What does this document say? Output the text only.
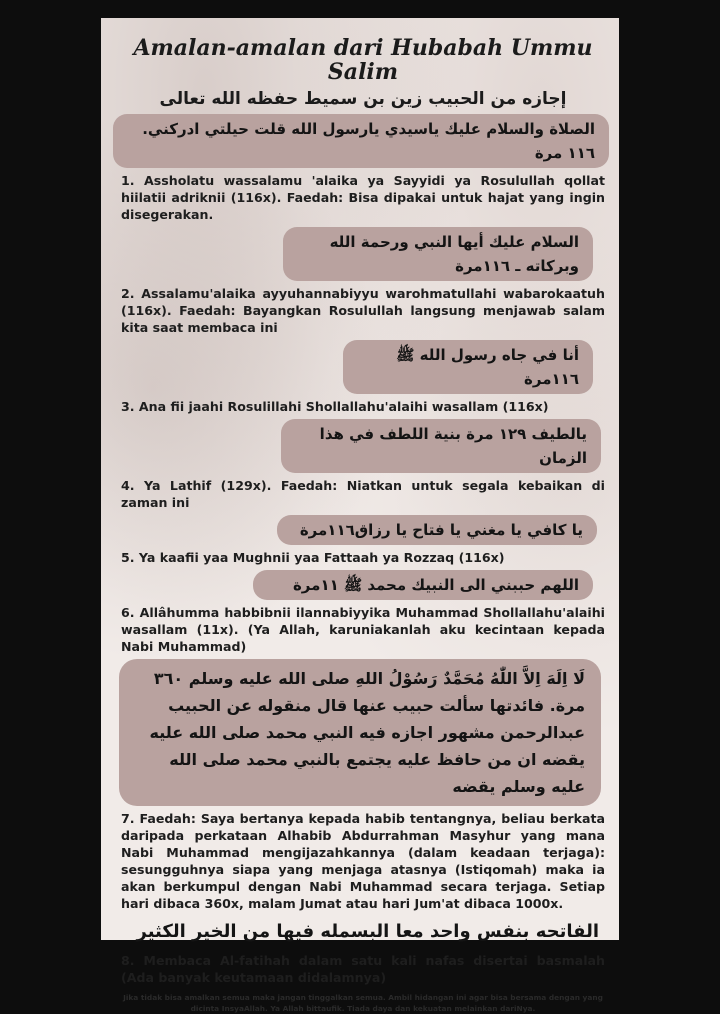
Amalan-amalan dari Hubabah Ummu Salim
إجازه من الحبيب زين بن سميط حفظه الله تعالى
الصلاة والسلام عليك ياسيدي يارسول الله قلت حيلتي ادركني. ١١٦ مرة
1. Assholatu wassalamu 'alaika ya Sayyidi ya Rosulullah qollat hiilatii adriknii (116x). Faedah: Bisa dipakai untuk hajat yang ingin disegerakan.
السلام عليك أيها النبي ورحمة الله وبركاته ـ ١١٦مرة
2. Assalamu'alaika ayyuhannabiyyu warohmatullahi wabarokaatuh (116x). Faedah: Bayangkan Rosulullah langsung menjawab salam kita saat membaca ini
أنا في جاه رسول الله ﷺ ١١٦مرة
3. Ana fii jaahi Rosulillahi Shollallahu'alaihi wasallam (116x)
يالطيف ١٢٩ مرة بنية اللطف في هذا الزمان
4. Ya Lathif (129x). Faedah: Niatkan untuk segala kebaikan di zaman ini
يا كافي يا مغني يا فتاح يا رزاق١١٦مرة
5. Ya kaafii yaa Mughnii yaa Fattaah ya Rozzaq (116x)
اللهم حببني الى النبيك محمد ﷺ ١١مرة
6. Allâhumma habbibnii ilannabiyyika Muhammad Shollallahu'alaihi wasallam (11x). (Ya Allah, karuniakanlah aku kecintaan kepada Nabi Muhammad)
لَا اِلَهَ اِلاَّ اللّٰهُ مُحَمَّدٌ رَسُوْلُ اللهِ صلى الله عليه وسلم ٣٦٠ مرة. فائدتها سألت حبيب عنها قال منقوله عن الحبيب عبدالرحمن مشهور اجازه فيه النبي محمد صلى الله عليه يقضه ان من حافظ عليه يجتمع بالنبي محمد صلى الله عليه وسلم يقضه
7. Faedah: Saya bertanya kepada habib tentangnya, beliau berkata daripada perkataan Alhabib Abdurrahman Masyhur yang mana Nabi Muhammad mengijazahkannya (dalam keadaan terjaga): sesungguhnya siapa yang menjaga atasnya (Istiqomah) maka ia akan berkumpul dengan Nabi Muhammad secara terjaga. Setiap hari dibaca 360x, malam Jumat atau hari Jum'at dibaca 1000x.
الفاتحه بنفس واحد معا البسمله فيها من الخير الكثير
8. Membaca Al-fatihah dalam satu kali nafas disertai basmalah (Ada banyak keutamaan didalamnya)
Jika tidak bisa amalkan semua maka jangan tinggalkan semua. Ambil hidangan ini agar bisa bersama dengan yang dicinta InsyaAllah. Ya Allah bittaufik. Tiada daya dan kekuatan melainkan dariNya.
